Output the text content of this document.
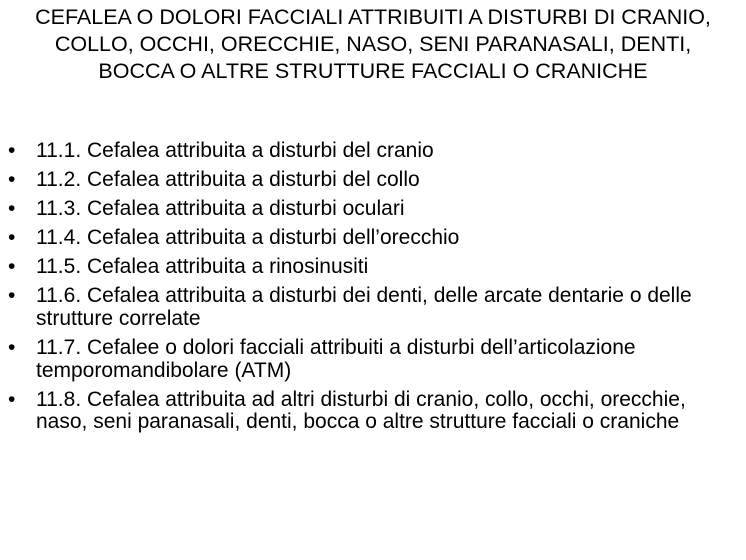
CEFALEA O DOLORI FACCIALI ATTRIBUITI A DISTURBI DI CRANIO, COLLO, OCCHI, ORECCHIE, NASO, SENI PARANASALI, DENTI, BOCCA O ALTRE STRUTTURE FACCIALI O CRANICHE
• 11.1. Cefalea attribuita a disturbi del cranio
• 11.2. Cefalea attribuita a disturbi del collo
• 11.3. Cefalea attribuita a disturbi oculari
• 11.4. Cefalea attribuita a disturbi dell’orecchio
• 11.5. Cefalea attribuita a rinosinusiti
• 11.6. Cefalea attribuita a disturbi dei denti, delle arcate dentarie o delle strutture correlate
• 11.7. Cefalee o dolori facciali attribuiti a disturbi dell’articolazione temporomandibolare (ATM)
• 11.8. Cefalea attribuita ad altri disturbi di cranio, collo, occhi, orecchie, naso, seni paranasali, denti, bocca o altre strutture facciali o craniche
